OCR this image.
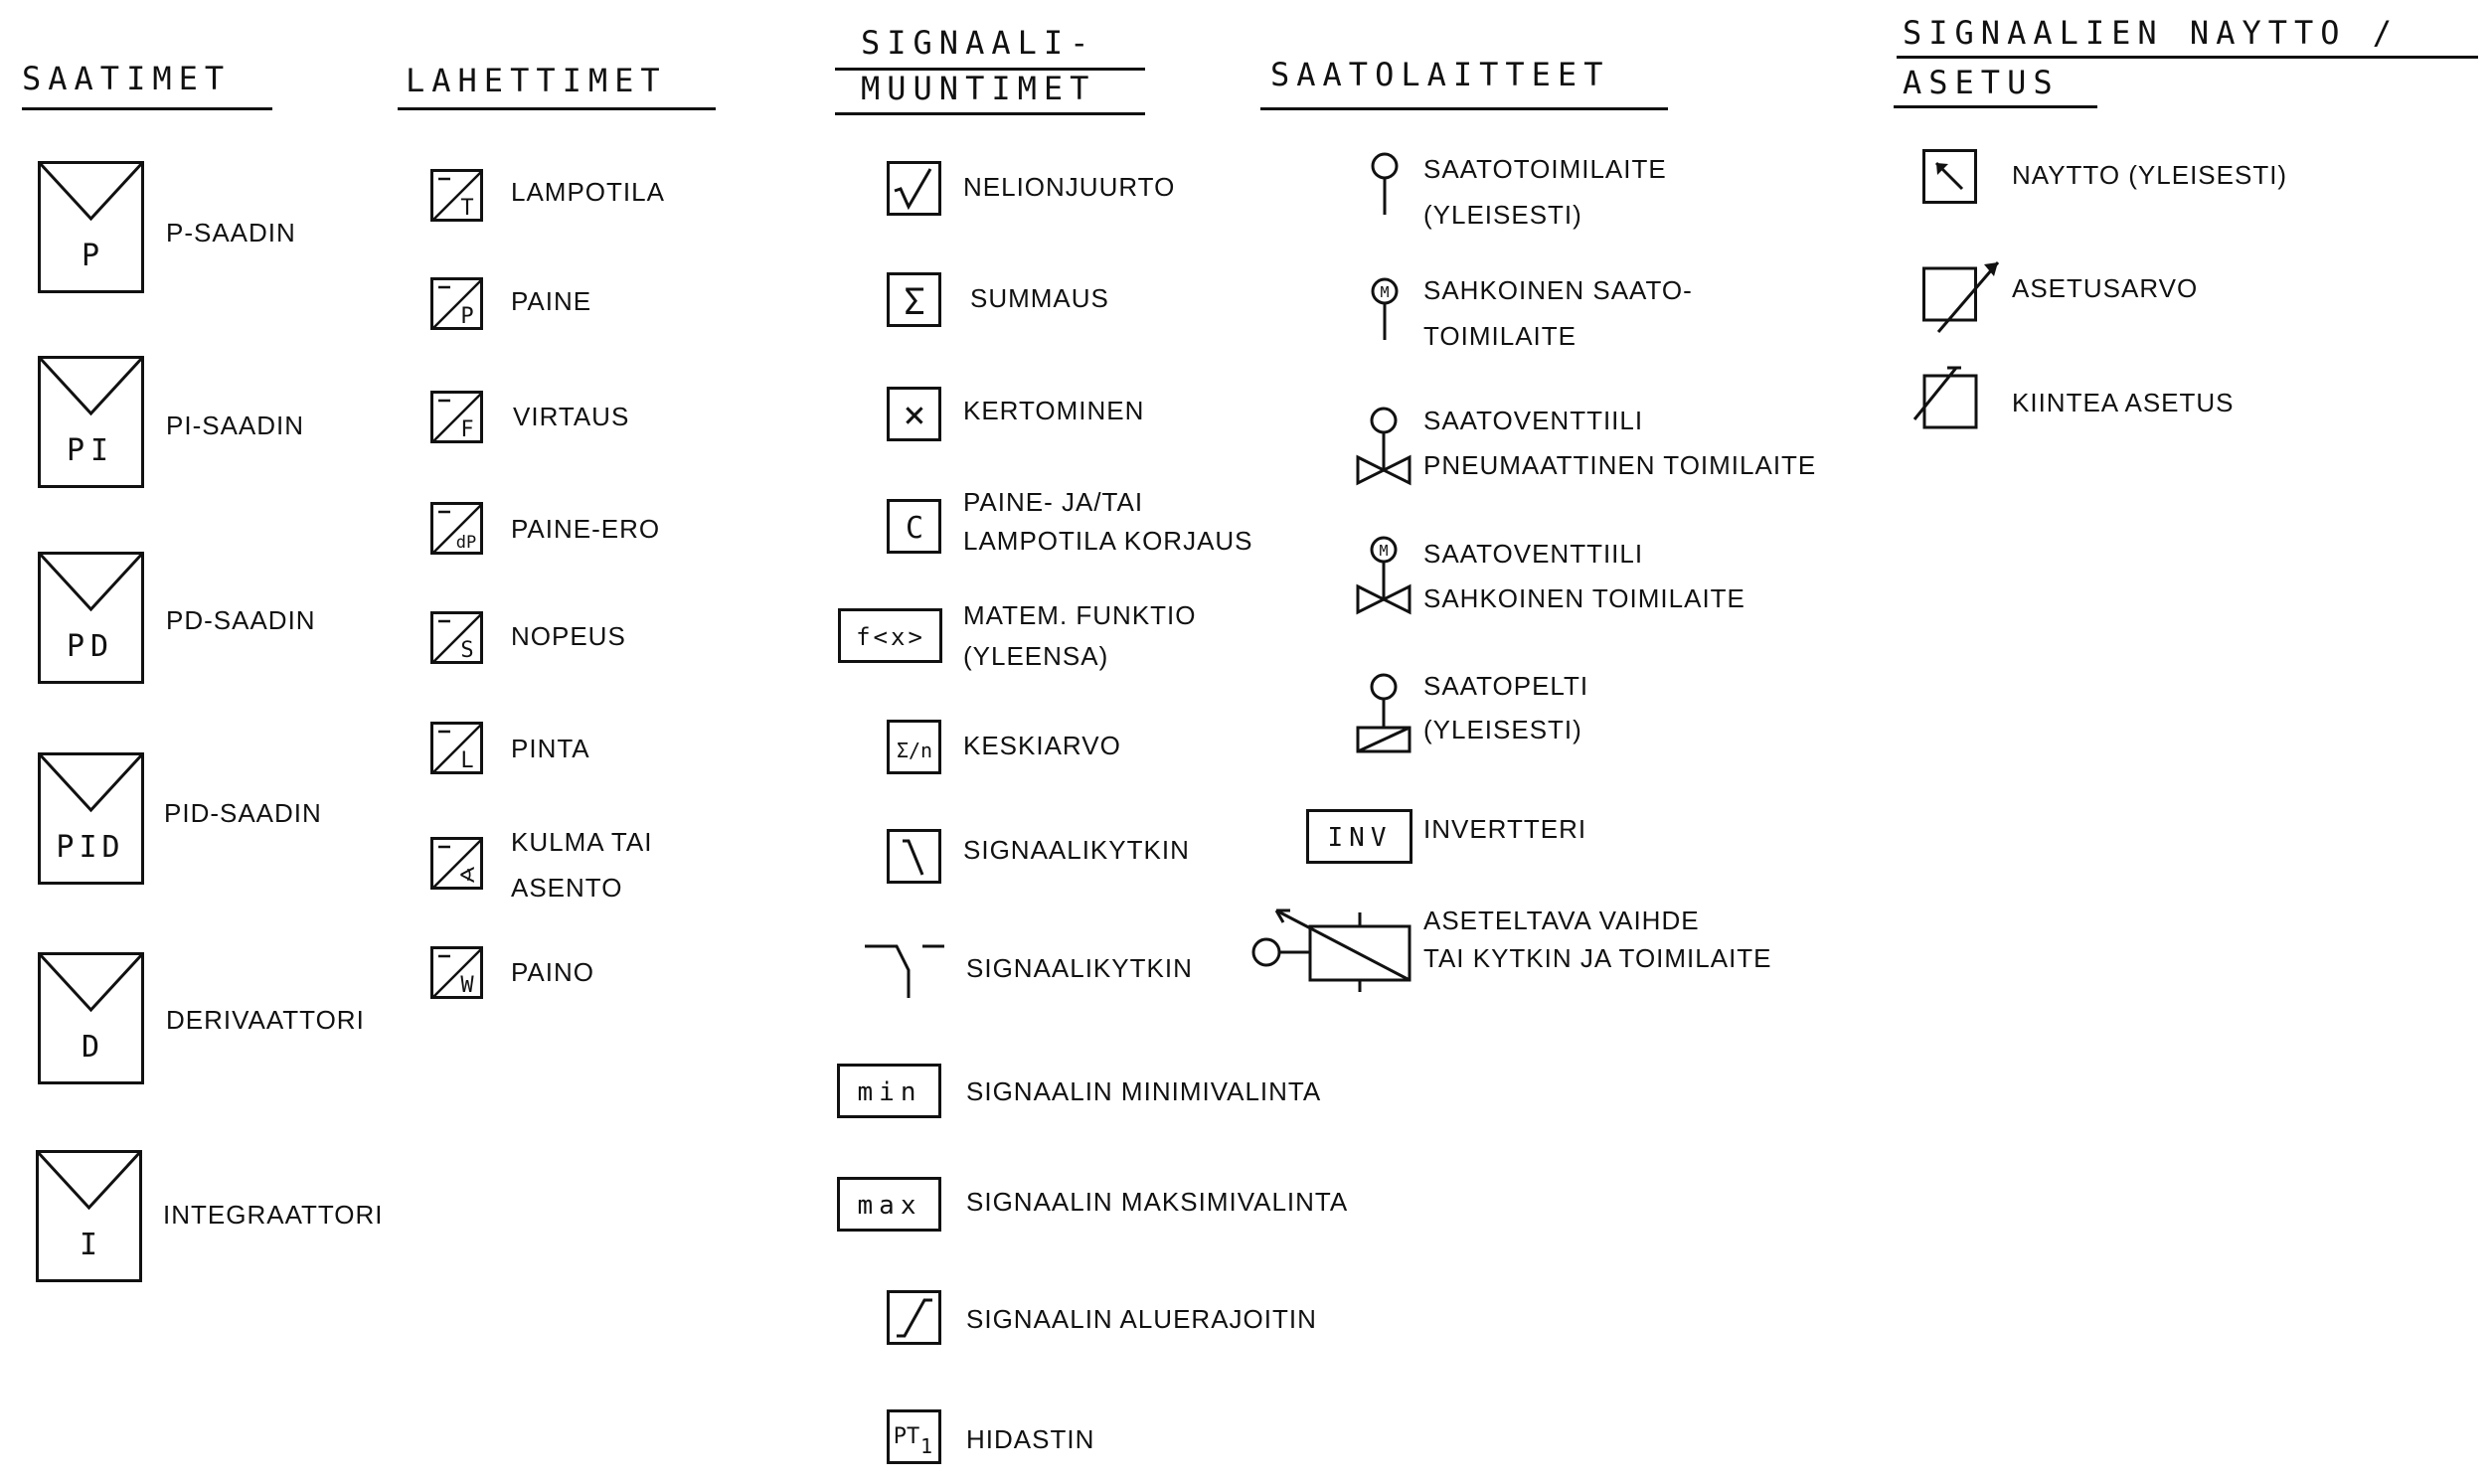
SAATIMET
P
P-SAADIN
PI
PI-SAADIN
PD
PD-SAADIN
PID
PID-SAADIN
D
DERIVAATTORI
I
INTEGRAATTORI
LAHETTIMET
T
LAMPOTILA
P
PAINE
F VIRTAUS
dP PAINE-ERO
S NOPEUS
L PINTA
∢
KULMA TAI
ASENTO
W PAINO
SIGNAALI-
MUUNTIMET
NELIONJUURTO
Σ SUMMAUS
× KERTOMINEN
C
PAINE- JA/TAI
LAMPOTILA KORJAUS
f<x>
MATEM. FUNKTIO
(YLEENSA)
Σ/n KESKIARVO
SIGNAALIKYTKIN
SIGNAALIKYTKIN
min SIGNAALIN MINIMIVALINTA
max SIGNAALIN MAKSIMIVALINTA
SIGNAALIN ALUERAJOITIN
PT 1 HIDASTIN
SAATOLAITTEET
SAATOTOIMILAITE
(YLEISESTI)
M SAHKOINEN SAATO-
TOIMILAITE
SAATOVENTTIILI
PNEUMAATTINEN TOIMILAITE
M SAATOVENTTIILI
SAHKOINEN TOIMILAITE
SAATOPELTI
(YLEISESTI)
INV INVERTTERI
ASETELTAVA VAIHDE
TAI KYTKIN JA TOIMILAITE
SIGNAALIEN NAYTTO /
ASETUS
NAYTTO (YLEISESTI)
ASETUSARVO
KIINTEA ASETUS
